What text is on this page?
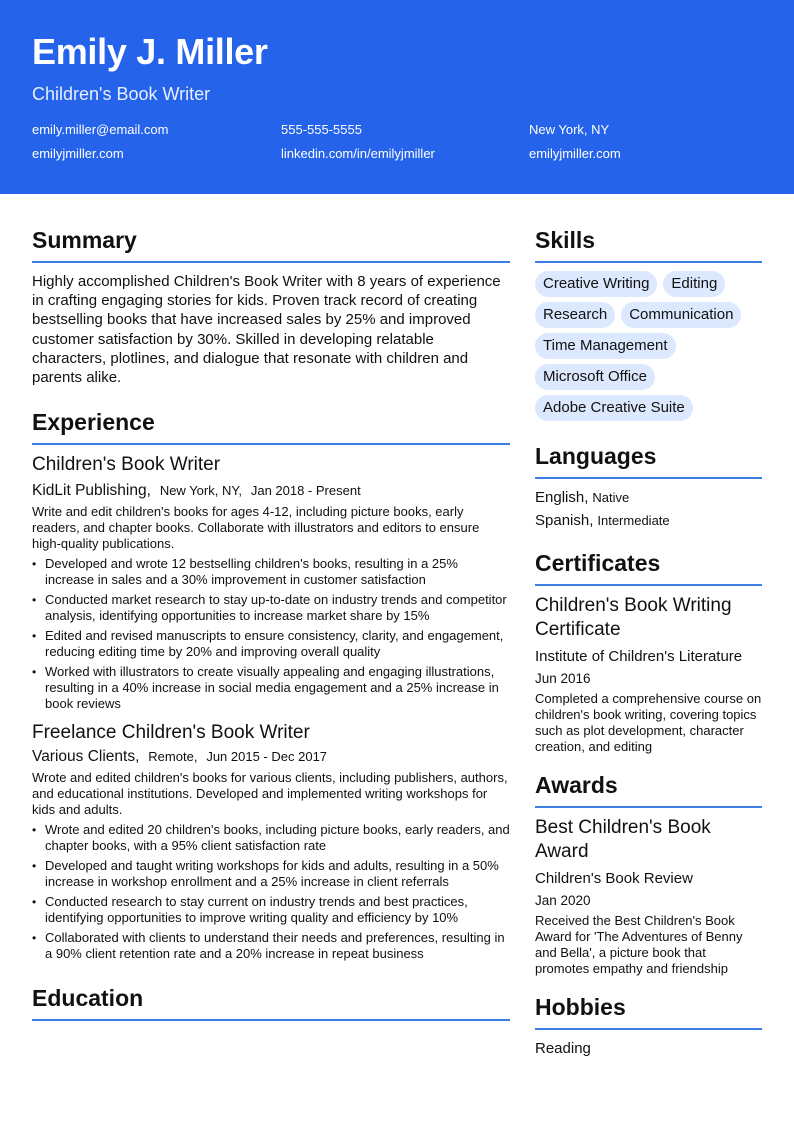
Emily J. Miller
Children's Book Writer
emily.miller@email.com	555-555-5555	New York, NY
emilyjmiller.com	linkedin.com/in/emilyjmiller	emilyjmiller.com
Summary

Highly accomplished Children's Book Writer with 8 years of experience in crafting engaging stories for kids. Proven track record of creating bestselling books that have increased sales by 25% and improved customer satisfaction by 30%. Skilled in developing relatable characters, plotlines, and dialogue that resonate with children and parents alike.

Experience
Children's Book Writer
KidLit Publishing, New York, NY, Jan 2018 - Present

Write and edit children's books for ages 4-12, including picture books, early readers, and chapter books. Collaborate with illustrators and editors to ensure high-quality publications.

• Developed and wrote 12 bestselling children's books, resulting in a 25% increase in sales and a 30% improvement in customer satisfaction
• Conducted market research to stay up-to-date on industry trends and competitor analysis, identifying opportunities to increase market share by 15%
• Edited and revised manuscripts to ensure consistency, clarity, and engagement, reducing editing time by 20% and improving overall quality
• Worked with illustrators to create visually appealing and engaging illustrations, resulting in a 40% increase in social media engagement and a 25% increase in book reviews
Freelance Children's Book Writer
Various Clients, Remote, Jun 2015 - Dec 2017

Wrote and edited children's books for various clients, including publishers, authors, and educational institutions. Developed and implemented writing workshops for kids and adults.

• Wrote and edited 20 children's books, including picture books, early readers, and chapter books, with a 95% client satisfaction rate
• Developed and taught writing workshops for kids and adults, resulting in a 50% increase in workshop enrollment and a 25% increase in client referrals
• Conducted research to stay current on industry trends and best practices, identifying opportunities to improve writing quality and efficiency by 10%
• Collaborated with clients to understand their needs and preferences, resulting in a 90% client retention rate and a 20% increase in repeat business
Education
Skills
Creative Writing Editing Research Communication Time Management Microsoft Office Adobe Creative Suite
Languages
English, Native
Spanish, Intermediate
Certificates
Children's Book Writing Certificate
Institute of Children's Literature
Jun 2016

Completed a comprehensive course on children's book writing, covering topics such as plot development, character creation, and editing

Awards
Best Children's Book Award
Children's Book Review
Jan 2020

Received the Best Children's Book Award for 'The Adventures of Benny and Bella', a picture book that promotes empathy and friendship

Hobbies
Reading
